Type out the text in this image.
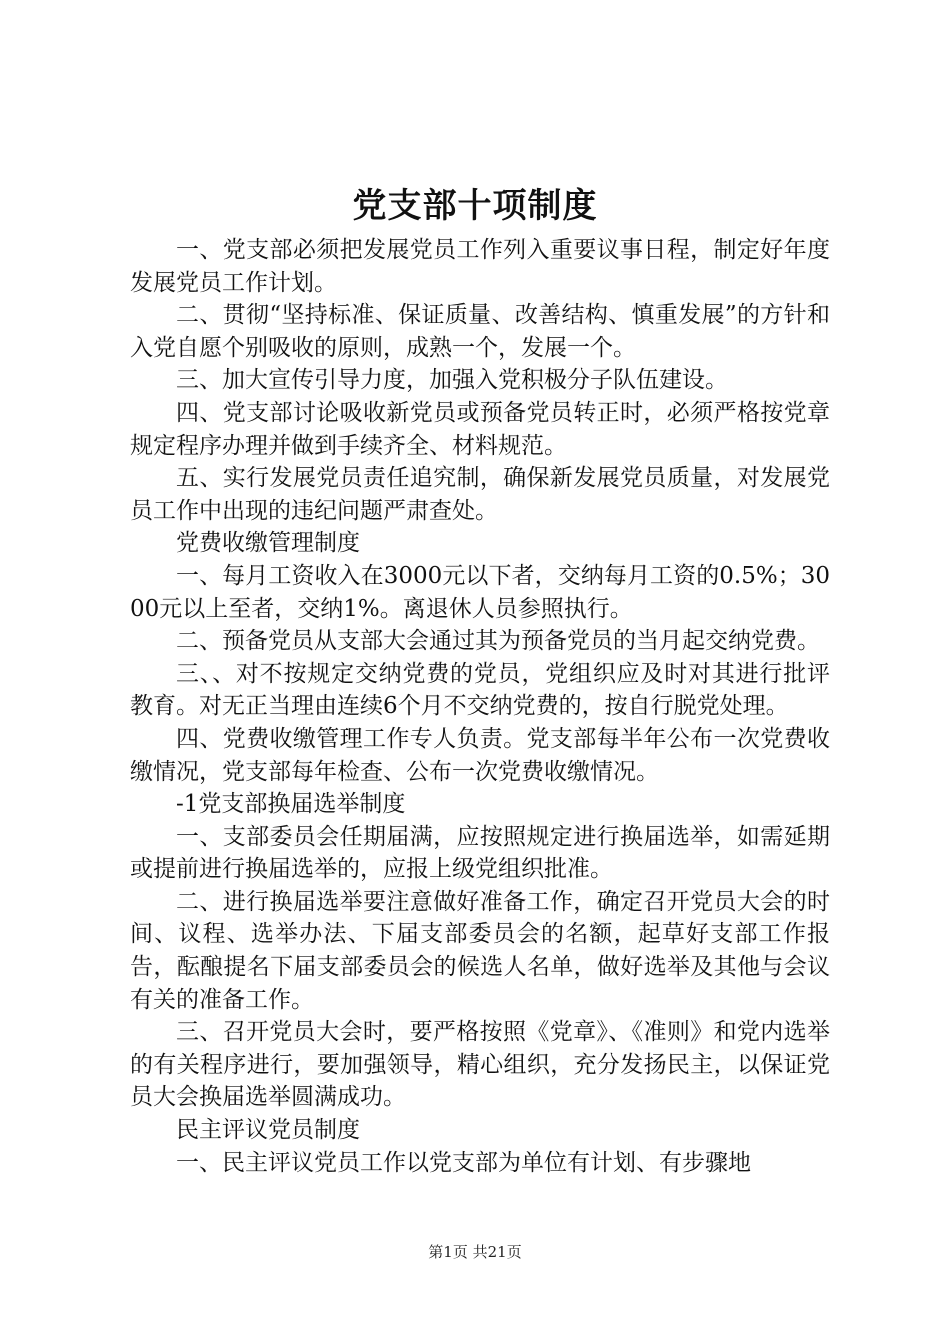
党支部十项制度

一、党支部必须把发展党员工作列入重要议事日程，制定好年度发展党员工作计划。

二、贯彻“坚持标准、保证质量、改善结构、慎重发展”的方针和入党自愿个别吸收的原则，成熟一个，发展一个。

三、加大宣传引导力度，加强入党积极分子队伍建设。

四、党支部讨论吸收新党员或预备党员转正时，必须严格按党章规定程序办理并做到手续齐全、材料规范。

五、实行发展党员责任追究制，确保新发展党员质量，对发展党员工作中出现的违纪问题严肃查处。

党费收缴管理制度

一、每月工资收入在3000元以下者，交纳每月工资的0.5%；3000元以上至者，交纳1%。离退休人员参照执行。

二、预备党员从支部大会通过其为预备党员的当月起交纳党费。

三、、对不按规定交纳党费的党员，党组织应及时对其进行批评教育。对无正当理由连续6个月不交纳党费的，按自行脱党处理。

四、党费收缴管理工作专人负责。党支部每半年公布一次党费收缴情况，党支部每年检查、公布一次党费收缴情况。

-1党支部换届选举制度

一、支部委员会任期届满，应按照规定进行换届选举，如需延期或提前进行换届选举的，应报上级党组织批准。

二、进行换届选举要注意做好准备工作，确定召开党员大会的时间、议程、选举办法、下届支部委员会的名额，起草好支部工作报告，酝酿提名下届支部委员会的候选人名单，做好选举及其他与会议有关的准备工作。

三、召开党员大会时，要严格按照《党章》、《准则》和党内选举的有关程序进行，要加强领导，精心组织，充分发扬民主，以保证党员大会换届选举圆满成功。

民主评议党员制度

一、民主评议党员工作以党支部为单位有计划、有步骤地

第1页 共21页
